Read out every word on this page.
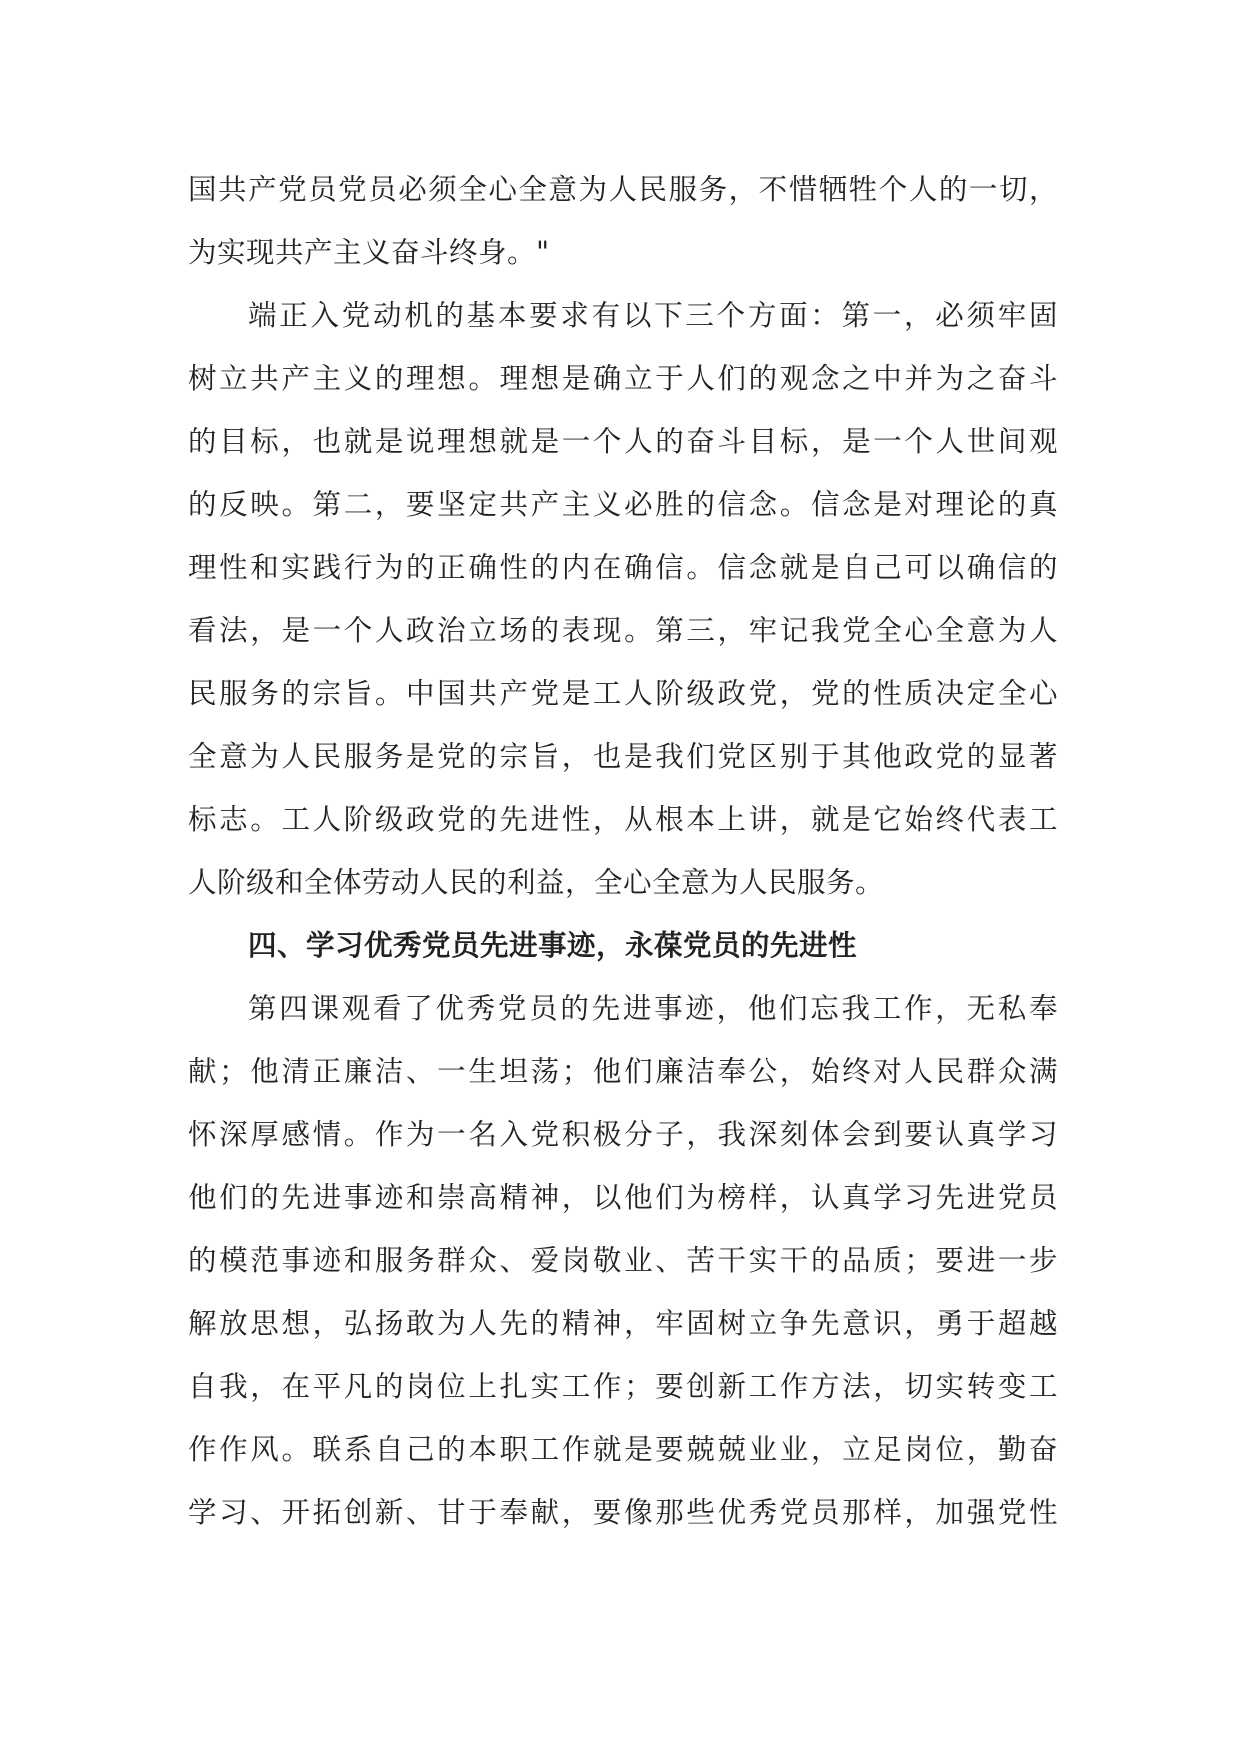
国共产党员党员必须全心全意为人民服务，不惜牺牲个人的一切，
为实现共产主义奋斗终身。"
端正入党动机的基本要求有以下三个方面：第一，必须牢固
树立共产主义的理想。理想是确立于人们的观念之中并为之奋斗
的目标，也就是说理想就是一个人的奋斗目标，是一个人世间观
的反映。第二，要坚定共产主义必胜的信念。信念是对理论的真
理性和实践行为的正确性的内在确信。信念就是自己可以确信的
看法，是一个人政治立场的表现。第三，牢记我党全心全意为人
民服务的宗旨。中国共产党是工人阶级政党，党的性质决定全心
全意为人民服务是党的宗旨，也是我们党区别于其他政党的显著
标志。工人阶级政党的先进性，从根本上讲，就是它始终代表工
人阶级和全体劳动人民的利益，全心全意为人民服务。
四、学习优秀党员先进事迹，永葆党员的先进性
第四课观看了优秀党员的先进事迹，他们忘我工作，无私奉
献；他清正廉洁、一生坦荡；他们廉洁奉公，始终对人民群众满
怀深厚感情。作为一名入党积极分子，我深刻体会到要认真学习
他们的先进事迹和崇高精神，以他们为榜样，认真学习先进党员
的模范事迹和服务群众、爱岗敬业、苦干实干的品质；要进一步
解放思想，弘扬敢为人先的精神，牢固树立争先意识，勇于超越
自我，在平凡的岗位上扎实工作；要创新工作方法，切实转变工
作作风。联系自己的本职工作就是要兢兢业业，立足岗位，勤奋
学习、开拓创新、甘于奉献，要像那些优秀党员那样，加强党性
